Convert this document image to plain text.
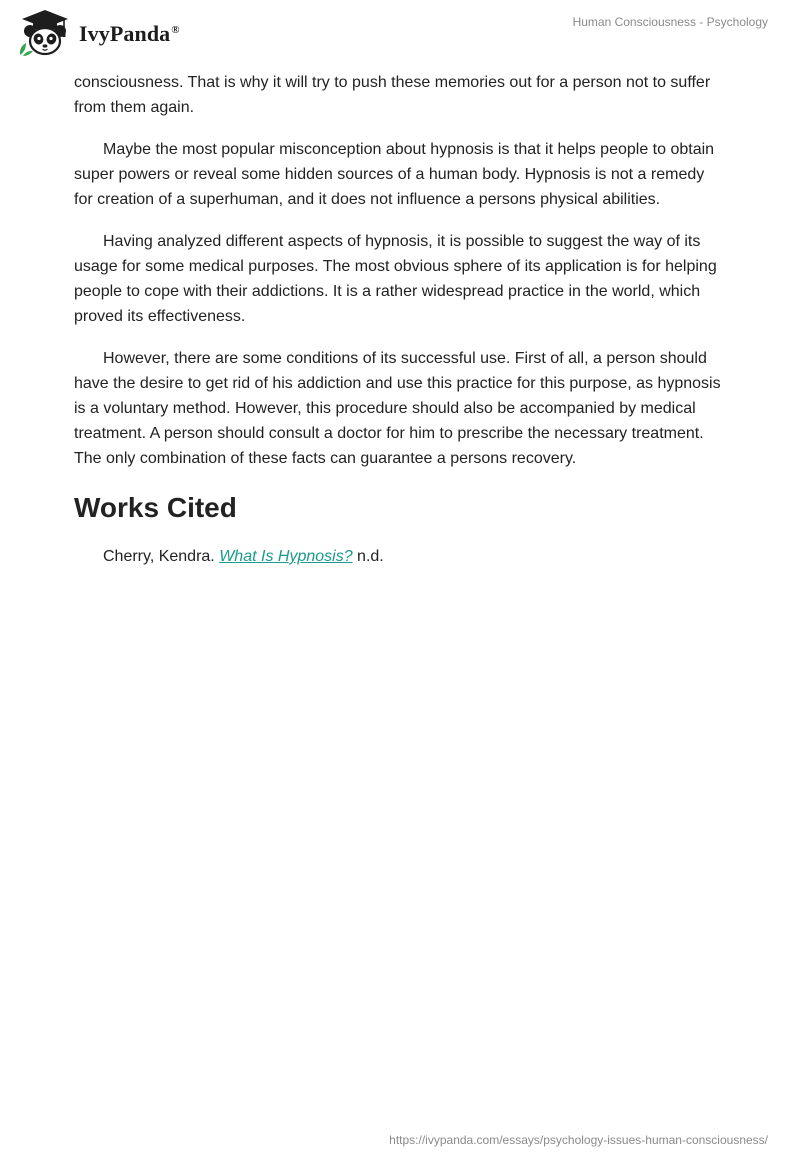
IvyPanda®
Human Consciousness - Psychology

consciousness. That is why it will try to push these memories out for a person not to suffer from them again.

Maybe the most popular misconception about hypnosis is that it helps people to obtain super powers or reveal some hidden sources of a human body. Hypnosis is not a remedy for creation of a superhuman, and it does not influence a persons physical abilities.

Having analyzed different aspects of hypnosis, it is possible to suggest the way of its usage for some medical purposes. The most obvious sphere of its application is for helping people to cope with their addictions. It is a rather widespread practice in the world, which proved its effectiveness.

However, there are some conditions of its successful use. First of all, a person should have the desire to get rid of his addiction and use this practice for this purpose, as hypnosis is a voluntary method. However, this procedure should also be accompanied by medical treatment. A person should consult a doctor for him to prescribe the necessary treatment. The only combination of these facts can guarantee a persons recovery.

Works Cited

Cherry, Kendra. What Is Hypnosis? n.d.

https://ivypanda.com/essays/psychology-issues-human-consciousness/
